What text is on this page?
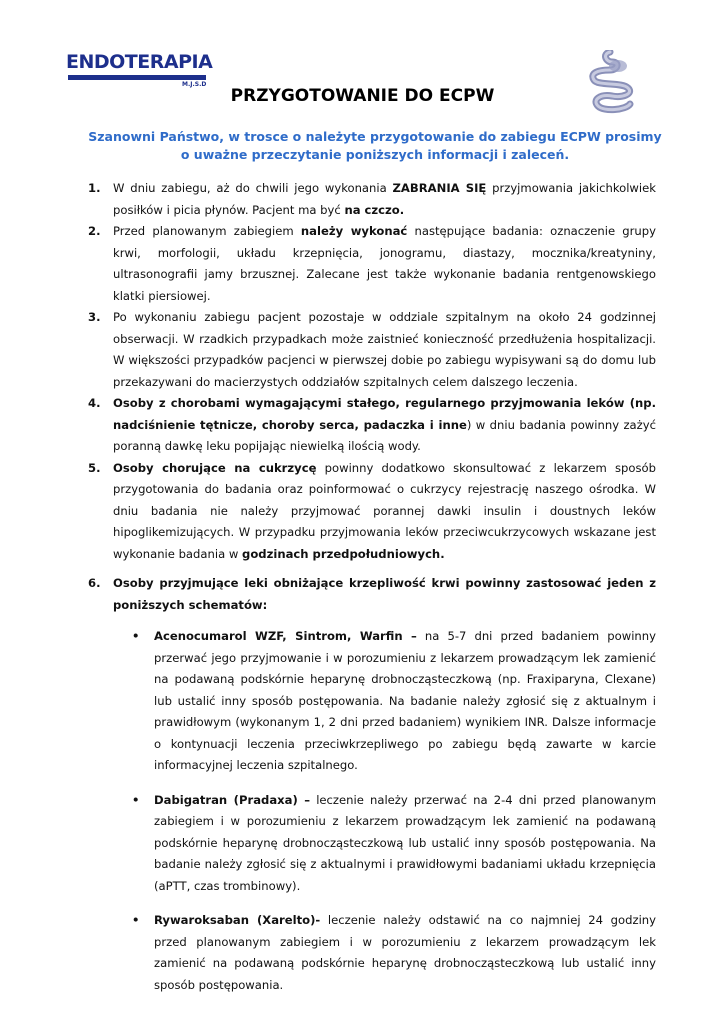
ENDOTERAPIA
M.J.S.D
PRZYGOTOWANIE DO ECPW
Szanowni Państwo, w trosce o należyte przygotowanie do zabiegu ECPW prosimy
o uważne przeczytanie poniższych informacji i zaleceń.
1. W dniu zabiegu, aż do chwili jego wykonania ZABRANIA SIĘ przyjmowania jakichkolwiek posiłków i picia płynów. Pacjent ma być na czczo.
2. Przed planowanym zabiegiem należy wykonać następujące badania: oznaczenie grupy krwi, morfologii, układu krzepnięcia, jonogramu, diastazy, mocznika/kreatyniny, ultrasonografii jamy brzusznej. Zalecane jest także wykonanie badania rentgenowskiego klatki piersiowej.
3. Po wykonaniu zabiegu pacjent pozostaje w oddziale szpitalnym na około 24 godzinnej obserwacji. W rzadkich przypadkach może zaistnieć konieczność przedłużenia hospitalizacji. W większości przypadków pacjenci w pierwszej dobie po zabiegu wypisywani są do domu lub przekazywani do macierzystych oddziałów szpitalnych celem dalszego leczenia.
4. Osoby z chorobami wymagającymi stałego, regularnego przyjmowania leków (np. nadciśnienie tętnicze, choroby serca, padaczka i inne) w dniu badania powinny zażyć poranną dawkę leku popijając niewielką ilością wody.
5. Osoby chorujące na cukrzycę powinny dodatkowo skonsultować z lekarzem sposób przygotowania do badania oraz poinformować o cukrzycy rejestrację naszego ośrodka. W dniu badania nie należy przyjmować porannej dawki insulin i doustnych leków hipoglikemizujących. W przypadku przyjmowania leków przeciwcukrzycowych wskazane jest wykonanie badania w godzinach przedpołudniowych.
6. Osoby przyjmujące leki obniżające krzepliwość krwi powinny zastosować jeden z poniższych schematów:
• Acenocumarol WZF, Sintrom, Warfin – na 5-7 dni przed badaniem powinny przerwać jego przyjmowanie i w porozumieniu z lekarzem prowadzącym lek zamienić na podawaną podskórnie heparynę drobnocząsteczkową (np. Fraxiparyna, Clexane) lub ustalić inny sposób postępowania. Na badanie należy zgłosić się z aktualnym i prawidłowym (wykonanym 1, 2 dni przed badaniem) wynikiem INR. Dalsze informacje o kontynuacji leczenia przeciwkrzepliwego po zabiegu będą zawarte w karcie informacyjnej leczenia szpitalnego.
• Dabigatran (Pradaxa) – leczenie należy przerwać na 2-4 dni przed planowanym zabiegiem i w porozumieniu z lekarzem prowadzącym lek zamienić na podawaną podskórnie heparynę drobnocząsteczkową lub ustalić inny sposób postępowania. Na badanie należy zgłosić się z aktualnymi i prawidłowymi badaniami układu krzepnięcia (aPTT, czas trombinowy).
• Rywaroksaban (Xarelto)- leczenie należy odstawić na co najmniej 24 godziny przed planowanym zabiegiem i w porozumieniu z lekarzem prowadzącym lek zamienić na podawaną podskórnie heparynę drobnocząsteczkową lub ustalić inny sposób postępowania.
